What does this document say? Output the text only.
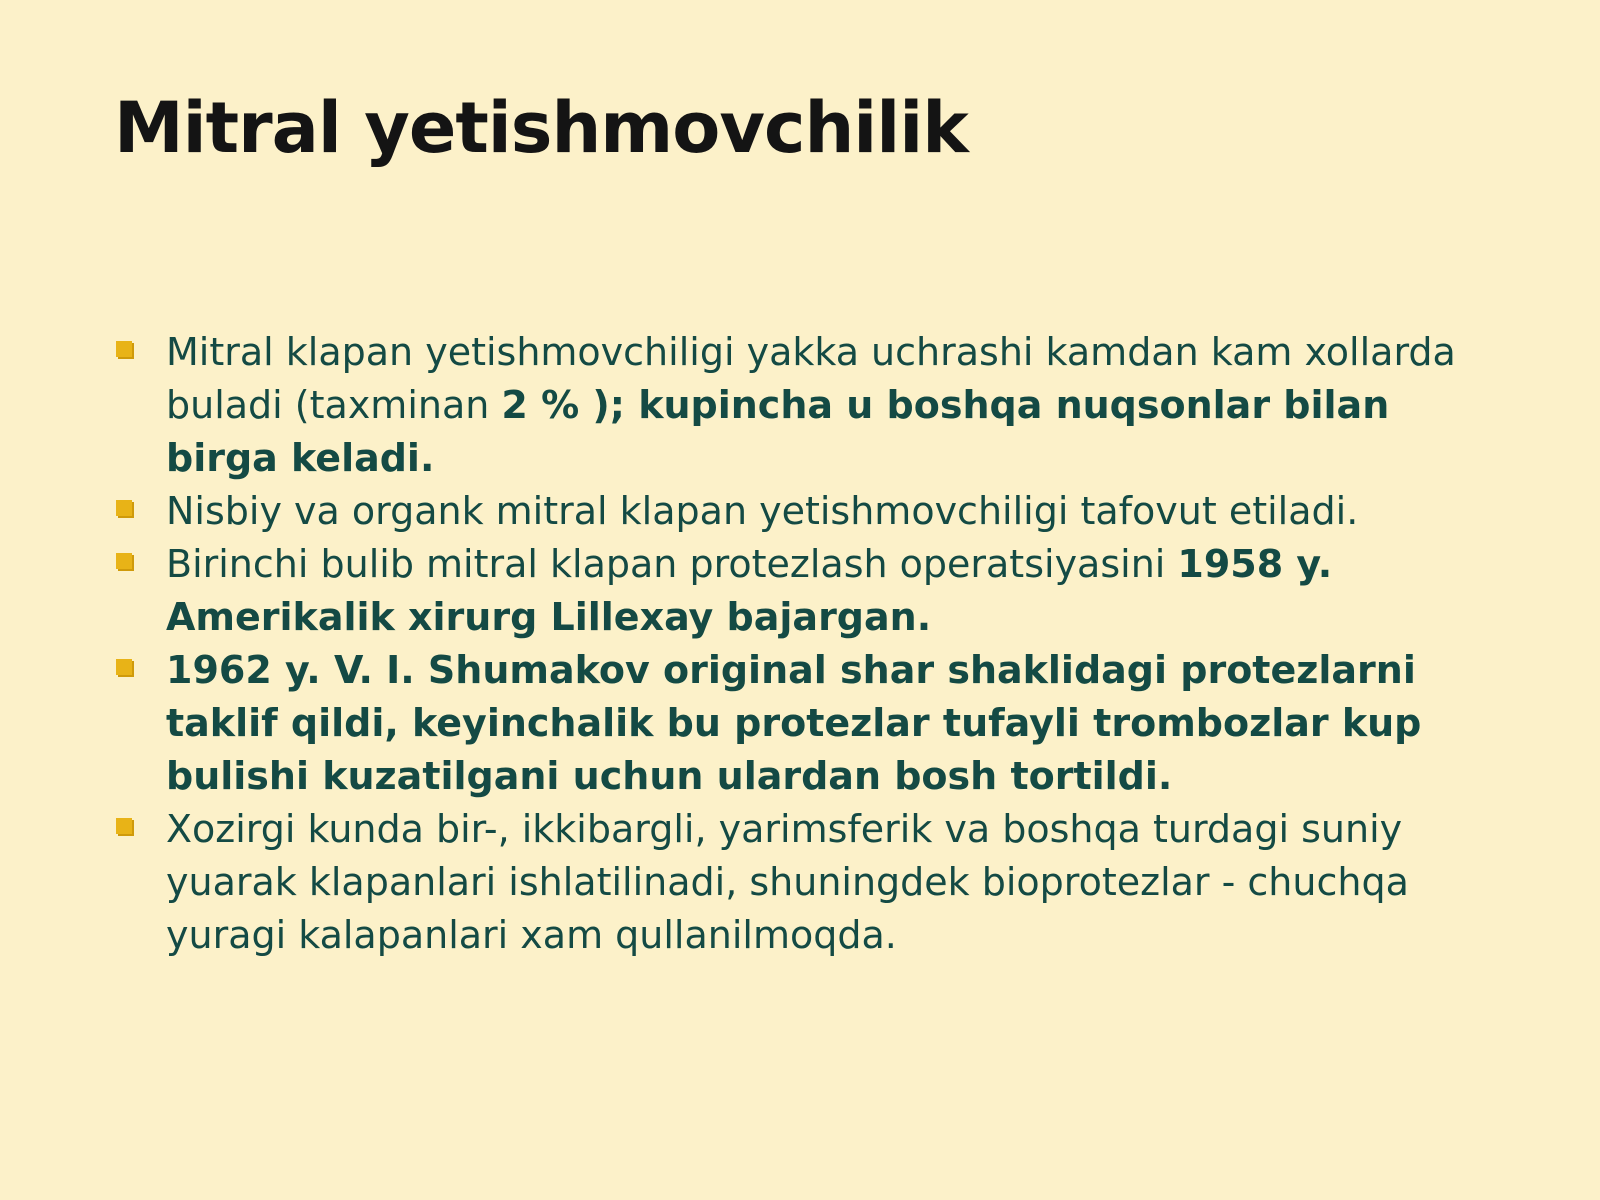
Mitral yetishmovchilik
Mitral klapan yetishmovchiligi yakka uchrashi kamdan kam xollarda buladi (taxminan 2 % ); kupincha u boshqa nuqsonlar bilan birga keladi.
Nisbiy va organk mitral klapan yetishmovchiligi tafovut etiladi.
Birinchi bulib mitral klapan protezlash operatsiyasini 1958 y. Amerikalik xirurg Lillexay bajargan.
1962 y. V. I. Shumakov original shar shaklidagi protezlarni taklif qildi, keyinchalik bu protezlar tufayli trombozlar kup bulishi kuzatilgani uchun ulardan bosh tortildi.
Xozirgi kunda bir-, ikkibargli, yarimsferik va boshqa turdagi suniy yuarak klapanlari ishlatilinadi, shuningdek bioprotezlar - chuchqa yuragi kalapanlari xam qullanilmoqda.
